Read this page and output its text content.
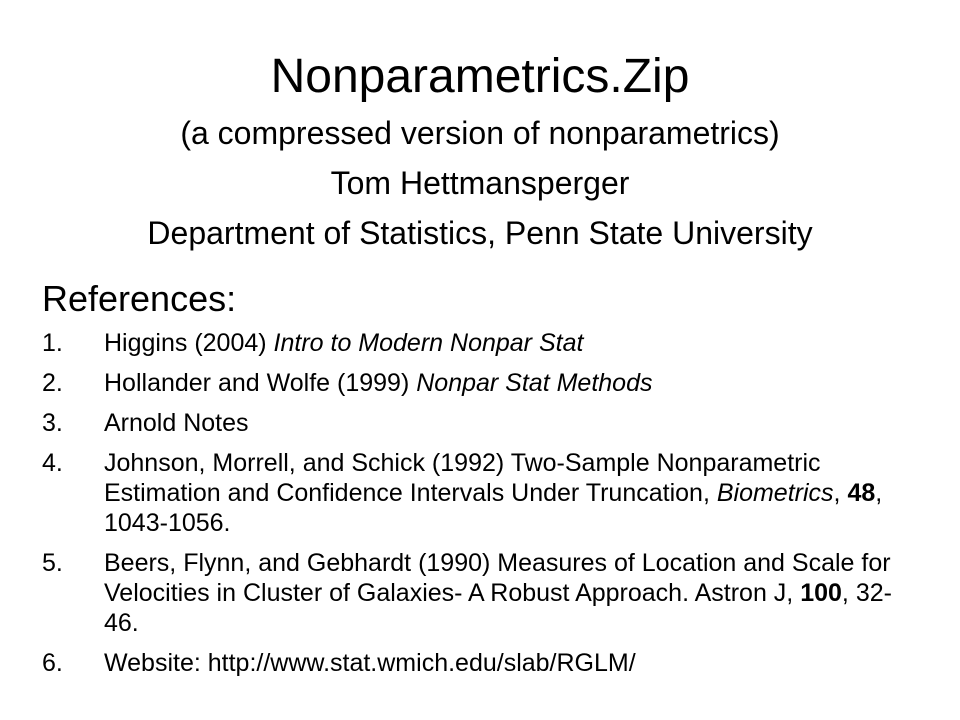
Nonparametrics.Zip
(a compressed version of nonparametrics)
Tom Hettmansperger
Department of Statistics, Penn State University
References:
1. Higgins (2004) Intro to Modern Nonpar Stat
2. Hollander and Wolfe (1999) Nonpar Stat Methods
3. Arnold Notes
4. Johnson, Morrell, and Schick (1992) Two-Sample Nonparametric Estimation and Confidence Intervals Under Truncation, Biometrics, 48, 1043-1056.
5. Beers, Flynn, and Gebhardt (1990) Measures of Location and Scale for Velocities in Cluster of Galaxies- A Robust Approach. Astron J, 100, 32-46.
6. Website: http://www.stat.wmich.edu/slab/RGLM/
